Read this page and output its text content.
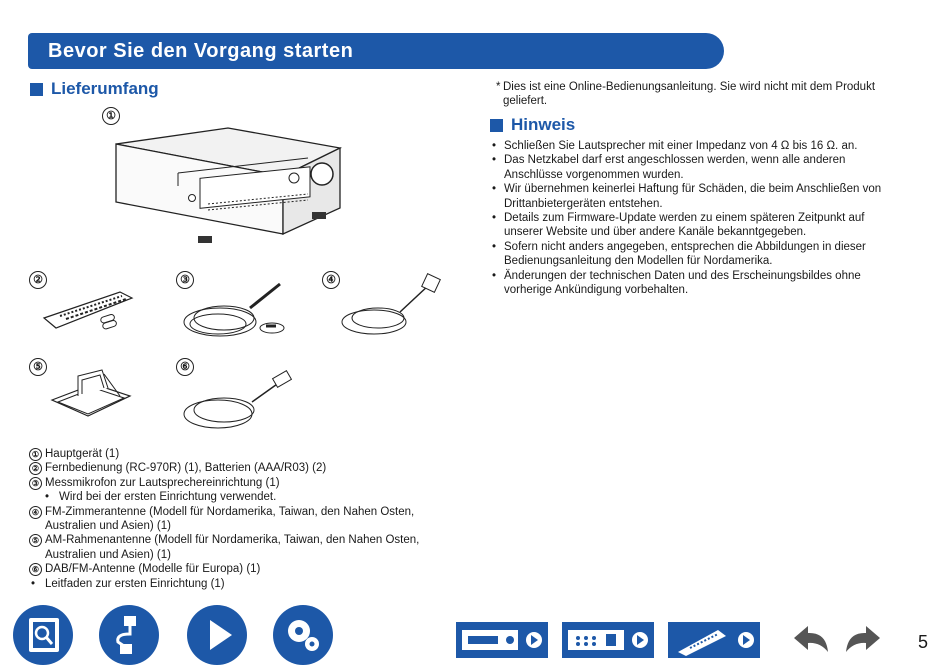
Bevor Sie den Vorgang starten
Lieferumfang
①
②	③	④
⑤	⑥
① Hauptgerät (1)
② Fernbedienung (RC-970R) (1), Batterien (AAA/R03) (2)
③ Messmikrofon zur Lautsprechereinrichtung (1)
• Wird bei der ersten Einrichtung verwendet.
④ FM-Zimmerantenne (Modell für Nordamerika, Taiwan, den Nahen Osten,
Australien und Asien) (1)
⑤ AM-Rahmenantenne (Modell für Nordamerika, Taiwan, den Nahen Osten,
Australien und Asien) (1)
⑥ DAB/FM-Antenne (Modelle für Europa) (1)
• Leitfaden zur ersten Einrichtung (1)
* Dies ist eine Online-Bedienungsanleitung. Sie wird nicht mit dem Produkt
geliefert.
Hinweis
• Schließen Sie Lautsprecher mit einer Impedanz von 4 Ω bis 16 Ω. an.
• Das Netzkabel darf erst angeschlossen werden, wenn alle anderen
Anschlüsse vorgenommen wurden.
• Wir übernehmen keinerlei Haftung für Schäden, die beim Anschließen von
Drittanbietergeräten entstehen.
• Details zum Firmware-Update werden zu einem späteren Zeitpunkt auf
unserer Website und über andere Kanäle bekanntgegeben.
• Sofern nicht anders angegeben, entsprechen die Abbildungen in dieser
Bedienungsanleitung den Modellen für Nordamerika.
• Änderungen der technischen Daten und des Erscheinungsbildes ohne
vorherige Ankündigung vorbehalten.
5
